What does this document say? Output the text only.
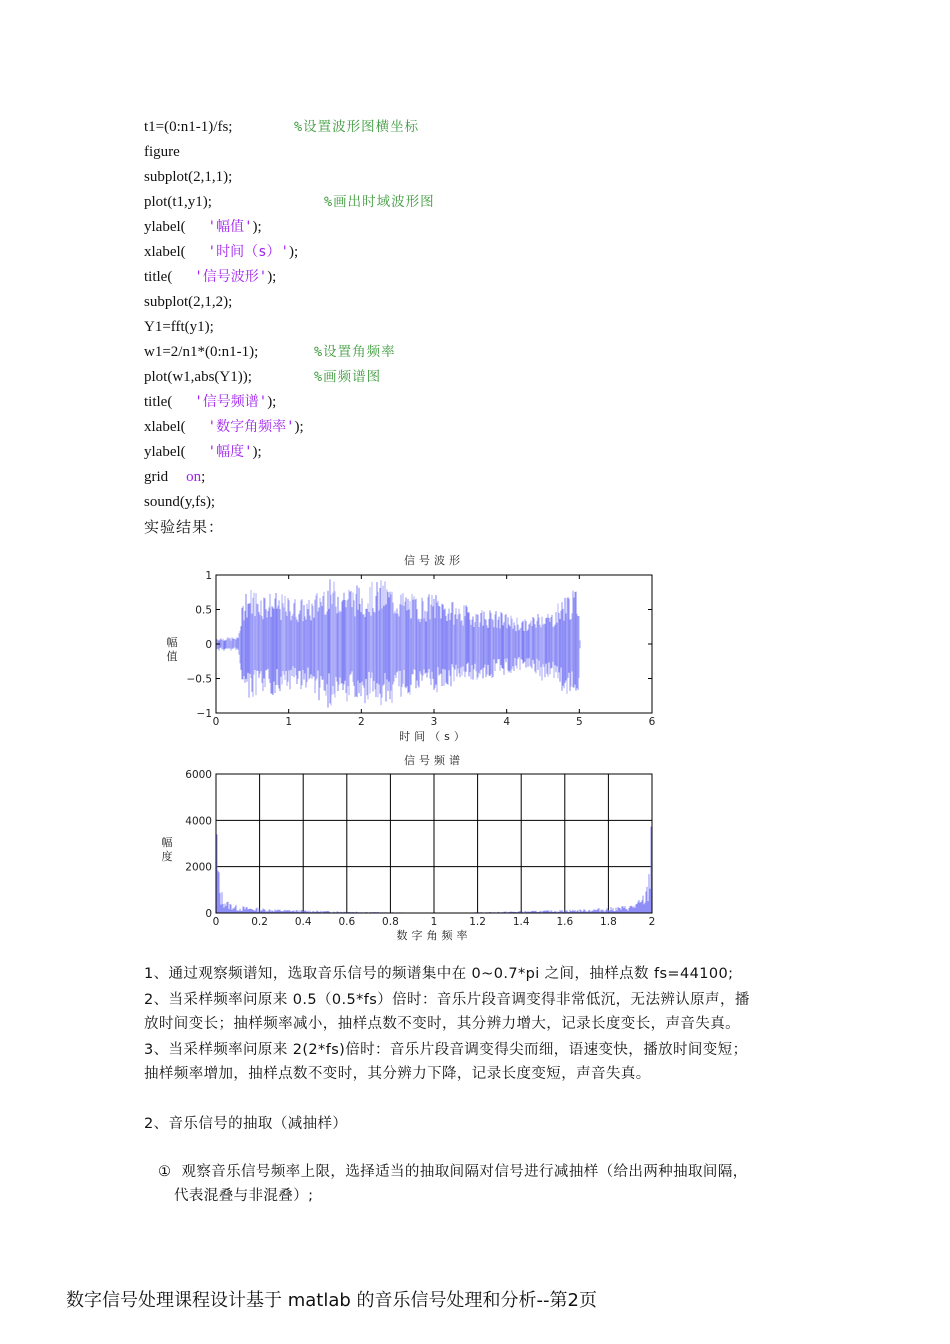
t1=(0:n1-1)/fs;	%设置波形图横坐标
figure
subplot(2,1,1);
plot(t1,y1);	%画出时域波形图
ylabel( '幅值');
xlabel( '时间（s）');
title( '信号波形');
subplot(2,1,2);
Y1=fft(y1);
w1=2/n1*(0:n1-1);	%设置角频率
plot(w1,abs(Y1));	%画频谱图
title( '信号频谱');
xlabel( '数字角频率');
ylabel( '幅度');
grid on;
sound(y,fs);
实验结果：
信号波形
0	1	2	3	4	5	6
1
0.5
0
−0.5
−1
时间（s）
幅
值
信号频谱
0	0.2	0.4	0.6	0.8	1	1.2	1.4	1.6	1.8	2
6000
4000
2000
0
数字角频率
幅
度
1、通过观察频谱知，选取音乐信号的频谱集中在 0~0.7*pi 之间，抽样点数 fs=44100;
2、当采样频率问原来 0.5（0.5*fs）倍时：音乐片段音调变得非常低沉，无法辨认原声，播
放时间变长；抽样频率减小，抽样点数不变时，其分辨力增大，记录长度变长，声音失真。
3、当采样频率问原来 2(2*fs)倍时：音乐片段音调变得尖而细，语速变快，播放时间变短；
抽样频率增加，抽样点数不变时，其分辨力下降，记录长度变短，声音失真。
2、音乐信号的抽取（减抽样）
① 观察音乐信号频率上限，选择适当的抽取间隔对信号进行减抽样（给出两种抽取间隔，
代表混叠与非混叠）;
数字信号处理课程设计基于 matlab 的音乐信号处理和分析--第2页
